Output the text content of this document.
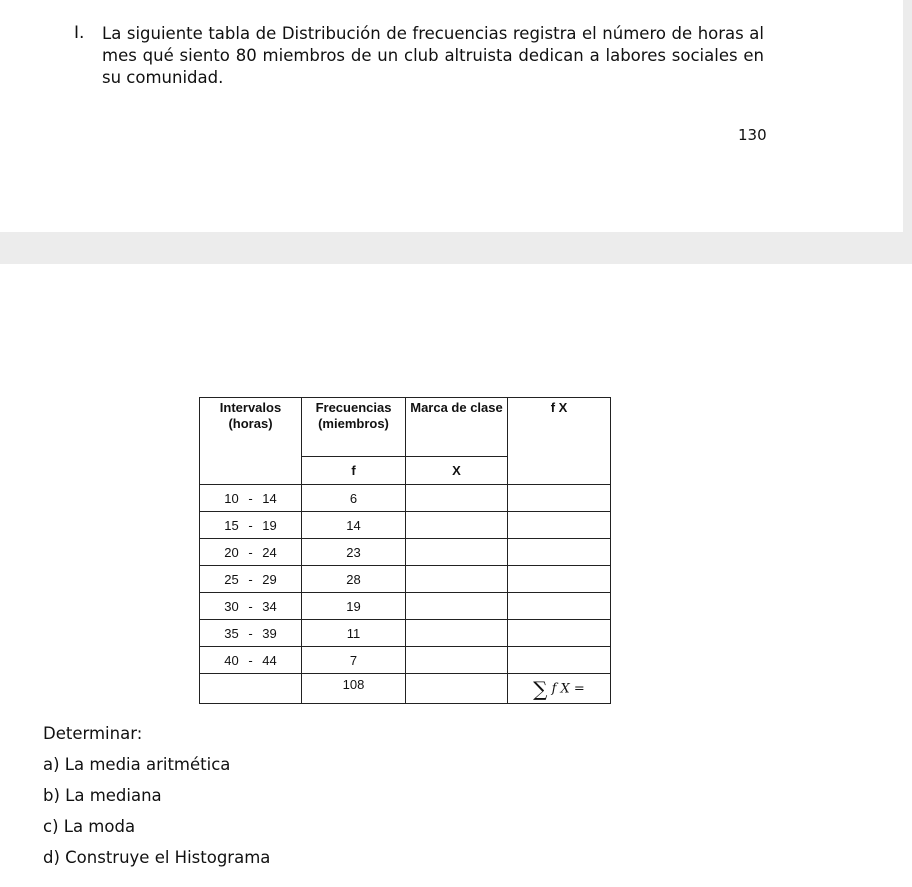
I. La siguiente tabla de Distribución de frecuencias registra el número de horas al mes qué siento 80 miembros de un club altruista dedican a labores sociales en su comunidad.
130
Intervalos (horas)	Frecuencias (miembros)	Marca de clase	f X
	f	X	
10 - 14	6		
15 - 19	14		
20 - 24	23		
25 - 29	28		
30 - 34	19		
35 - 39	11		
40 - 44	7		
	108		∑ f X =
Determinar:
a) La media aritmética
b) La mediana
c) La moda
d) Construye el Histograma
